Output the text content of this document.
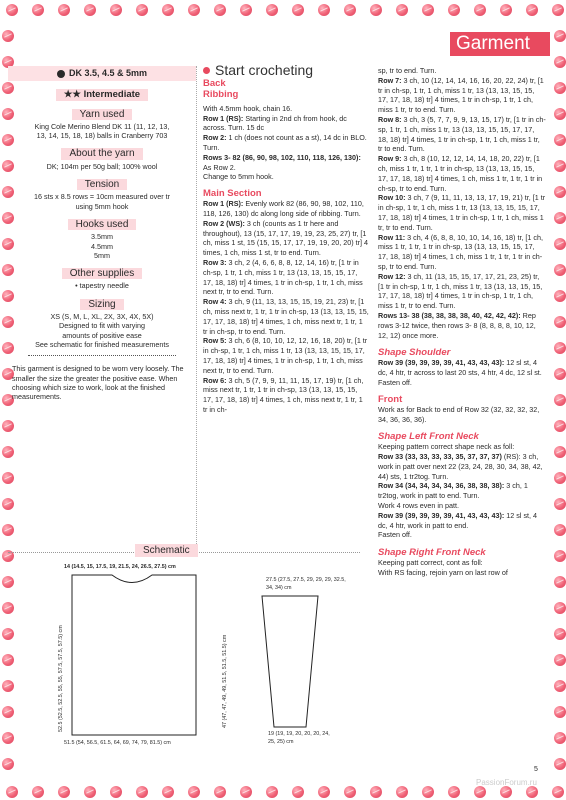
Garment
DK 3.5, 4.5 & 5mm
★★ Intermediate
Yarn used
King Cole Merino Blend DK 11 (11, 12, 13, 13, 14, 15, 18, 18) balls in Cranberry 703
About the yarn
DK; 104m per 50g ball; 100% wool
Tension
16 sts x 8.5 rows = 10cm measured over tr using 5mm hook
Hooks used
3.5mm
4.5mm
5mm
Other supplies
• tapestry needle
Sizing
XS (S, M, L, XL, 2X, 3X, 4X, 5X)
Designed to fit with varying amounts of positive ease
See schematic for finished measurements
This garment is designed to be worn very loosely. The smaller the size the greater the positive ease. When choosing which size to work, look at the finished measurements.
Start crocheting
Back
Ribbing

With 4.5mm hook, chain 16.

Row 1 (RS): Starting in 2nd ch from hook, dc across. Turn. 15 dc

Row 2: 1 ch (does not count as a st), 14 dc in BLO. Turn.

Rows 3- 82 (86, 90, 98, 102, 110, 118, 126, 130): As Row 2.

Change to 5mm hook.

Main Section

Row 1 (RS): Evenly work 82 (86, 90, 98, 102, 110, 118, 126, 130) dc along long side of ribbing. Turn.

Row 2 (WS): 3 ch (counts as 1 tr here and throughout), 13 (15, 17, 17, 19, 19, 23, 25, 27) tr, [1 ch, miss 1 st, 15 (15, 15, 17, 17, 19, 19, 20, 20) tr] 4 times, 1 ch, miss 1 st, tr to end. Turn.

Row 3: 3 ch, 2 (4, 6, 6, 8, 8, 12, 14, 16) tr, [1 tr in ch-sp, 1 tr, 1 ch, miss 1 tr, 13 (13, 13, 15, 15, 17, 17, 18, 18) tr] 4 times, 1 tr in ch-sp, 1 tr, 1 ch, miss next tr, tr to end. Turn.

Row 4: 3 ch, 9 (11, 13, 13, 15, 15, 19, 21, 23) tr, [1 ch, miss next tr, 1 tr, 1 tr in ch-sp, 13 (13, 13, 15, 15, 17, 17, 18, 18) tr] 4 times, 1 ch, miss next tr, 1 tr, 1 tr in ch-sp, tr to end. Turn.

Row 5: 3 ch, 6 (8, 10, 10, 12, 12, 16, 18, 20) tr, [1 tr in ch-sp, 1 tr, 1 ch, miss 1 tr, 13 (13, 13, 15, 15, 17, 17, 18, 18) tr] 4 times, 1 tr in ch-sp, 1 tr, 1 ch, miss next tr, tr to end. Turn.

Row 6: 3 ch, 5 (7, 9, 9, 11, 11, 15, 17, 19) tr, [1 ch, miss next tr, 1 tr, 1 tr in ch-sp, 13 (13, 13, 15, 15, 17, 17, 18, 18) tr] 4 times, 1 ch, miss next tr, 1 tr, 1 tr in ch-

sp, tr to end. Turn.

Row 7: 3 ch, 10 (12, 14, 14, 16, 16, 20, 22, 24) tr, [1 tr in ch-sp, 1 tr, 1 ch, miss 1 tr, 13 (13, 13, 15, 15, 17, 17, 18, 18) tr] 4 times, 1 tr in ch-sp, 1 tr, 1 ch, miss 1 tr, tr to end. Turn.

Row 8: 3 ch, 3 (5, 7, 7, 9, 9, 13, 15, 17) tr, [1 tr in ch-sp, 1 tr, 1 ch, miss 1 tr, 13 (13, 13, 15, 15, 17, 17, 18, 18) tr] 4 times, 1 tr in ch-sp, 1 tr, 1 ch, miss 1 tr, tr to end. Turn.

Row 9: 3 ch, 8 (10, 12, 12, 14, 14, 18, 20, 22) tr, [1 ch, miss 1 tr, 1 tr, 1 tr in ch-sp, 13 (13, 13, 15, 15, 17, 17, 18, 18) tr] 4 times, 1 ch, miss 1 tr, 1 tr, 1 tr in ch-sp, tr to end. Turn.

Row 10: 3 ch, 7 (9, 11, 11, 13, 13, 17, 19, 21) tr, [1 tr in ch-sp, 1 tr, 1 ch, miss 1 tr, 13 (13, 13, 15, 15, 17, 17, 18, 18) tr] 4 times, 1 tr in ch-sp, 1 tr, 1 ch, miss 1 tr, tr to end. Turn.

Row 11: 3 ch, 4 (6, 8, 8, 10, 10, 14, 16, 18) tr, [1 ch, miss 1 tr, 1 tr, 1 tr in ch-sp, 13 (13, 13, 15, 15, 17, 17, 18, 18) tr] 4 times, 1 ch, miss 1 tr, 1 tr, 1 tr in ch-sp, tr to end. Turn.

Row 12: 3 ch, 11 (13, 15, 15, 17, 17, 21, 23, 25) tr, [1 tr in ch-sp, 1 tr, 1 ch, miss 1 tr, 13 (13, 13, 15, 15, 17, 17, 18, 18) tr] 4 times, 1 tr in ch-sp, 1 tr, 1 ch, miss 1 tr, tr to end. Turn.

Rows 13- 38 (38, 38, 38, 38, 40, 42, 42, 42): Rep rows 3-12 twice, then rows 3- 8 (8, 8, 8, 8, 10, 12, 12, 12) once more.

Shape Shoulder

Row 39 (39, 39, 39, 39, 41, 43, 43, 43): 12 sl st, 4 dc, 4 htr, tr across to last 20 sts, 4 htr, 4 dc, 12 sl st.

Fasten off.

Front

Work as for Back to end of Row 32 (32, 32, 32, 32, 34, 36, 36, 36).

Shape Left Front Neck

Keeping pattern correct shape neck as foll:

Row 33 (33, 33, 33, 33, 35, 37, 37, 37) (RS): 3 ch, work in patt over next 22 (23, 24, 28, 30, 34, 38, 42, 44) sts, 1 tr2tog. Turn.

Row 34 (34, 34, 34, 34, 36, 38, 38, 38): 3 ch, 1 tr2tog, work in patt to end. Turn.

Work 4 rows even in patt.

Row 39 (39, 39, 39, 39, 41, 43, 43, 43): 12 sl st, 4 dc, 4 htr, work in patt to end.

Fasten off.

Shape Right Front Neck

Keeping patt correct, cont as foll:

With RS facing, rejoin yarn on last row of

Schematic
14 (14.5, 15, 17.5, 19, 21.5, 24, 26.5, 27.5) cm
51.5 (54, 56.5, 61.5, 64, 69, 74, 79, 81.5) cm
52.5 (52.5, 52.5, 55, 55, 57.5, 57.5, 57.5) cm
27.5 (27.5, 27.5, 29, 29, 29, 32.5, 34, 34) cm
19 (19, 19, 20, 20, 20, 24, 25, 25) cm
47 (47, 47, 49, 49, 51.5, 51.5, 51.5) cm
5
PassionForum.ru
